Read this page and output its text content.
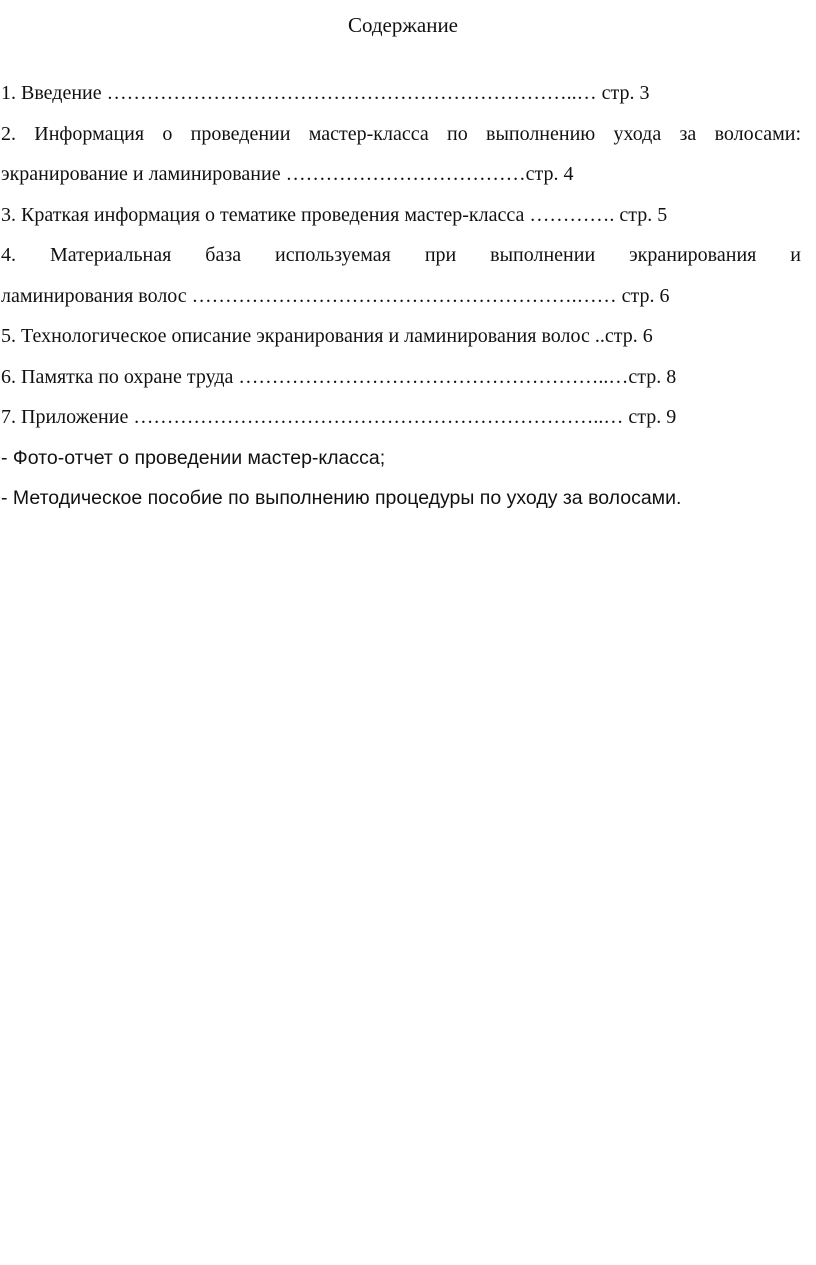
Содержание
1. Введение ……………………………………………………………..… стр. 3
2. Информация о проведении мастер-класса по выполнению ухода за волосами:
экранирование и ламинирование ………………………………стр. 4
3. Краткая информация о тематике проведения мастер-класса …………. стр. 5
4. Материальная база используемая при выполнении экранирования и
ламинирования волос ………………………………………………….…… стр. 6
5. Технологическое описание экранирования и ламинирования волос ..стр. 6
6. Памятка по охране труда ………………………………………………..…стр. 8
7. Приложение ……………………………………………………………..… стр. 9
- Фото-отчет о проведении мастер-класса;
- Методическое пособие по выполнению процедуры по уходу за волосами.
